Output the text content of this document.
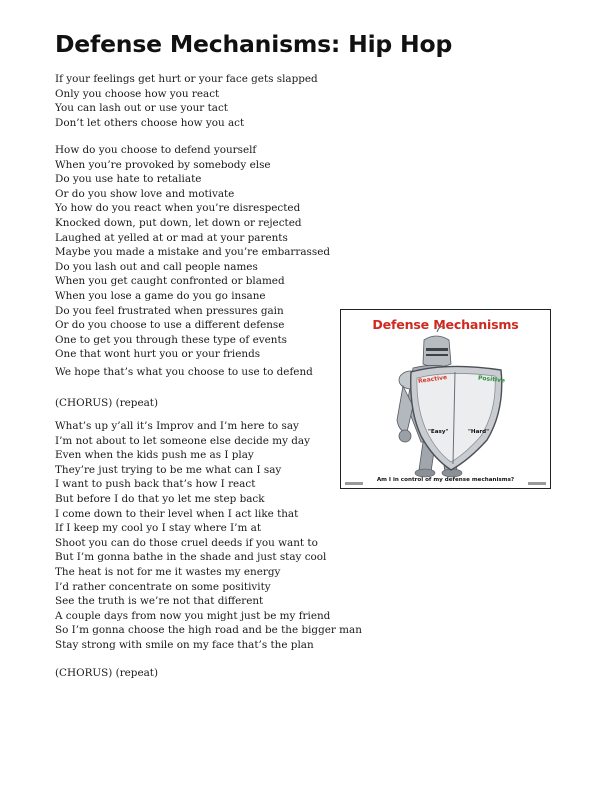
Defense Mechanisms: Hip Hop
If your feelings get hurt or your face gets slapped
Only you choose how you react
You can lash out or use your tact
Don’t let others choose how you act
How do you choose to defend yourself
When you’re provoked by somebody else
Do you use hate to retaliate
Or do you show love and motivate
Yo how do you react when you’re disrespected
Knocked down, put down, let down or rejected
Laughed at yelled at or mad at your parents
Maybe you made a mistake and you’re embarrassed
Do you lash out and call people names
When you get caught confronted or blamed
When you lose a game do you go insane
Do you feel frustrated when pressures gain
Or do you choose to use a different defense
One to get you through these type of events
One that wont hurt you or your friends

We hope that’s what you choose to use to defend

(CHORUS) (repeat)

What’s up y’all it’s Improv and I’m here to say
I’m not about to let someone else decide my day
Even when the kids push me as I play
They’re just trying to be me what can I say
I want to push back that’s how I react
But before I do that yo let me step back
I come down to their level when I act like that
If I keep my cool yo I stay where I’m at
Shoot you can do those cruel deeds if you want to
But I’m gonna bathe in the shade and just stay cool
The heat is not for me it wastes my energy
I’d rather concentrate on some positivity
See the truth is we’re not that different
A couple days from now you might just be my friend
So I’m gonna choose the high road and be the bigger man
Stay strong with smile on my face that’s the plan

(CHORUS) (repeat)

Defense Mechanisms

Reactive	Positive
"Easy"	"Hard"

Am I in control of my defense mechanisms?
